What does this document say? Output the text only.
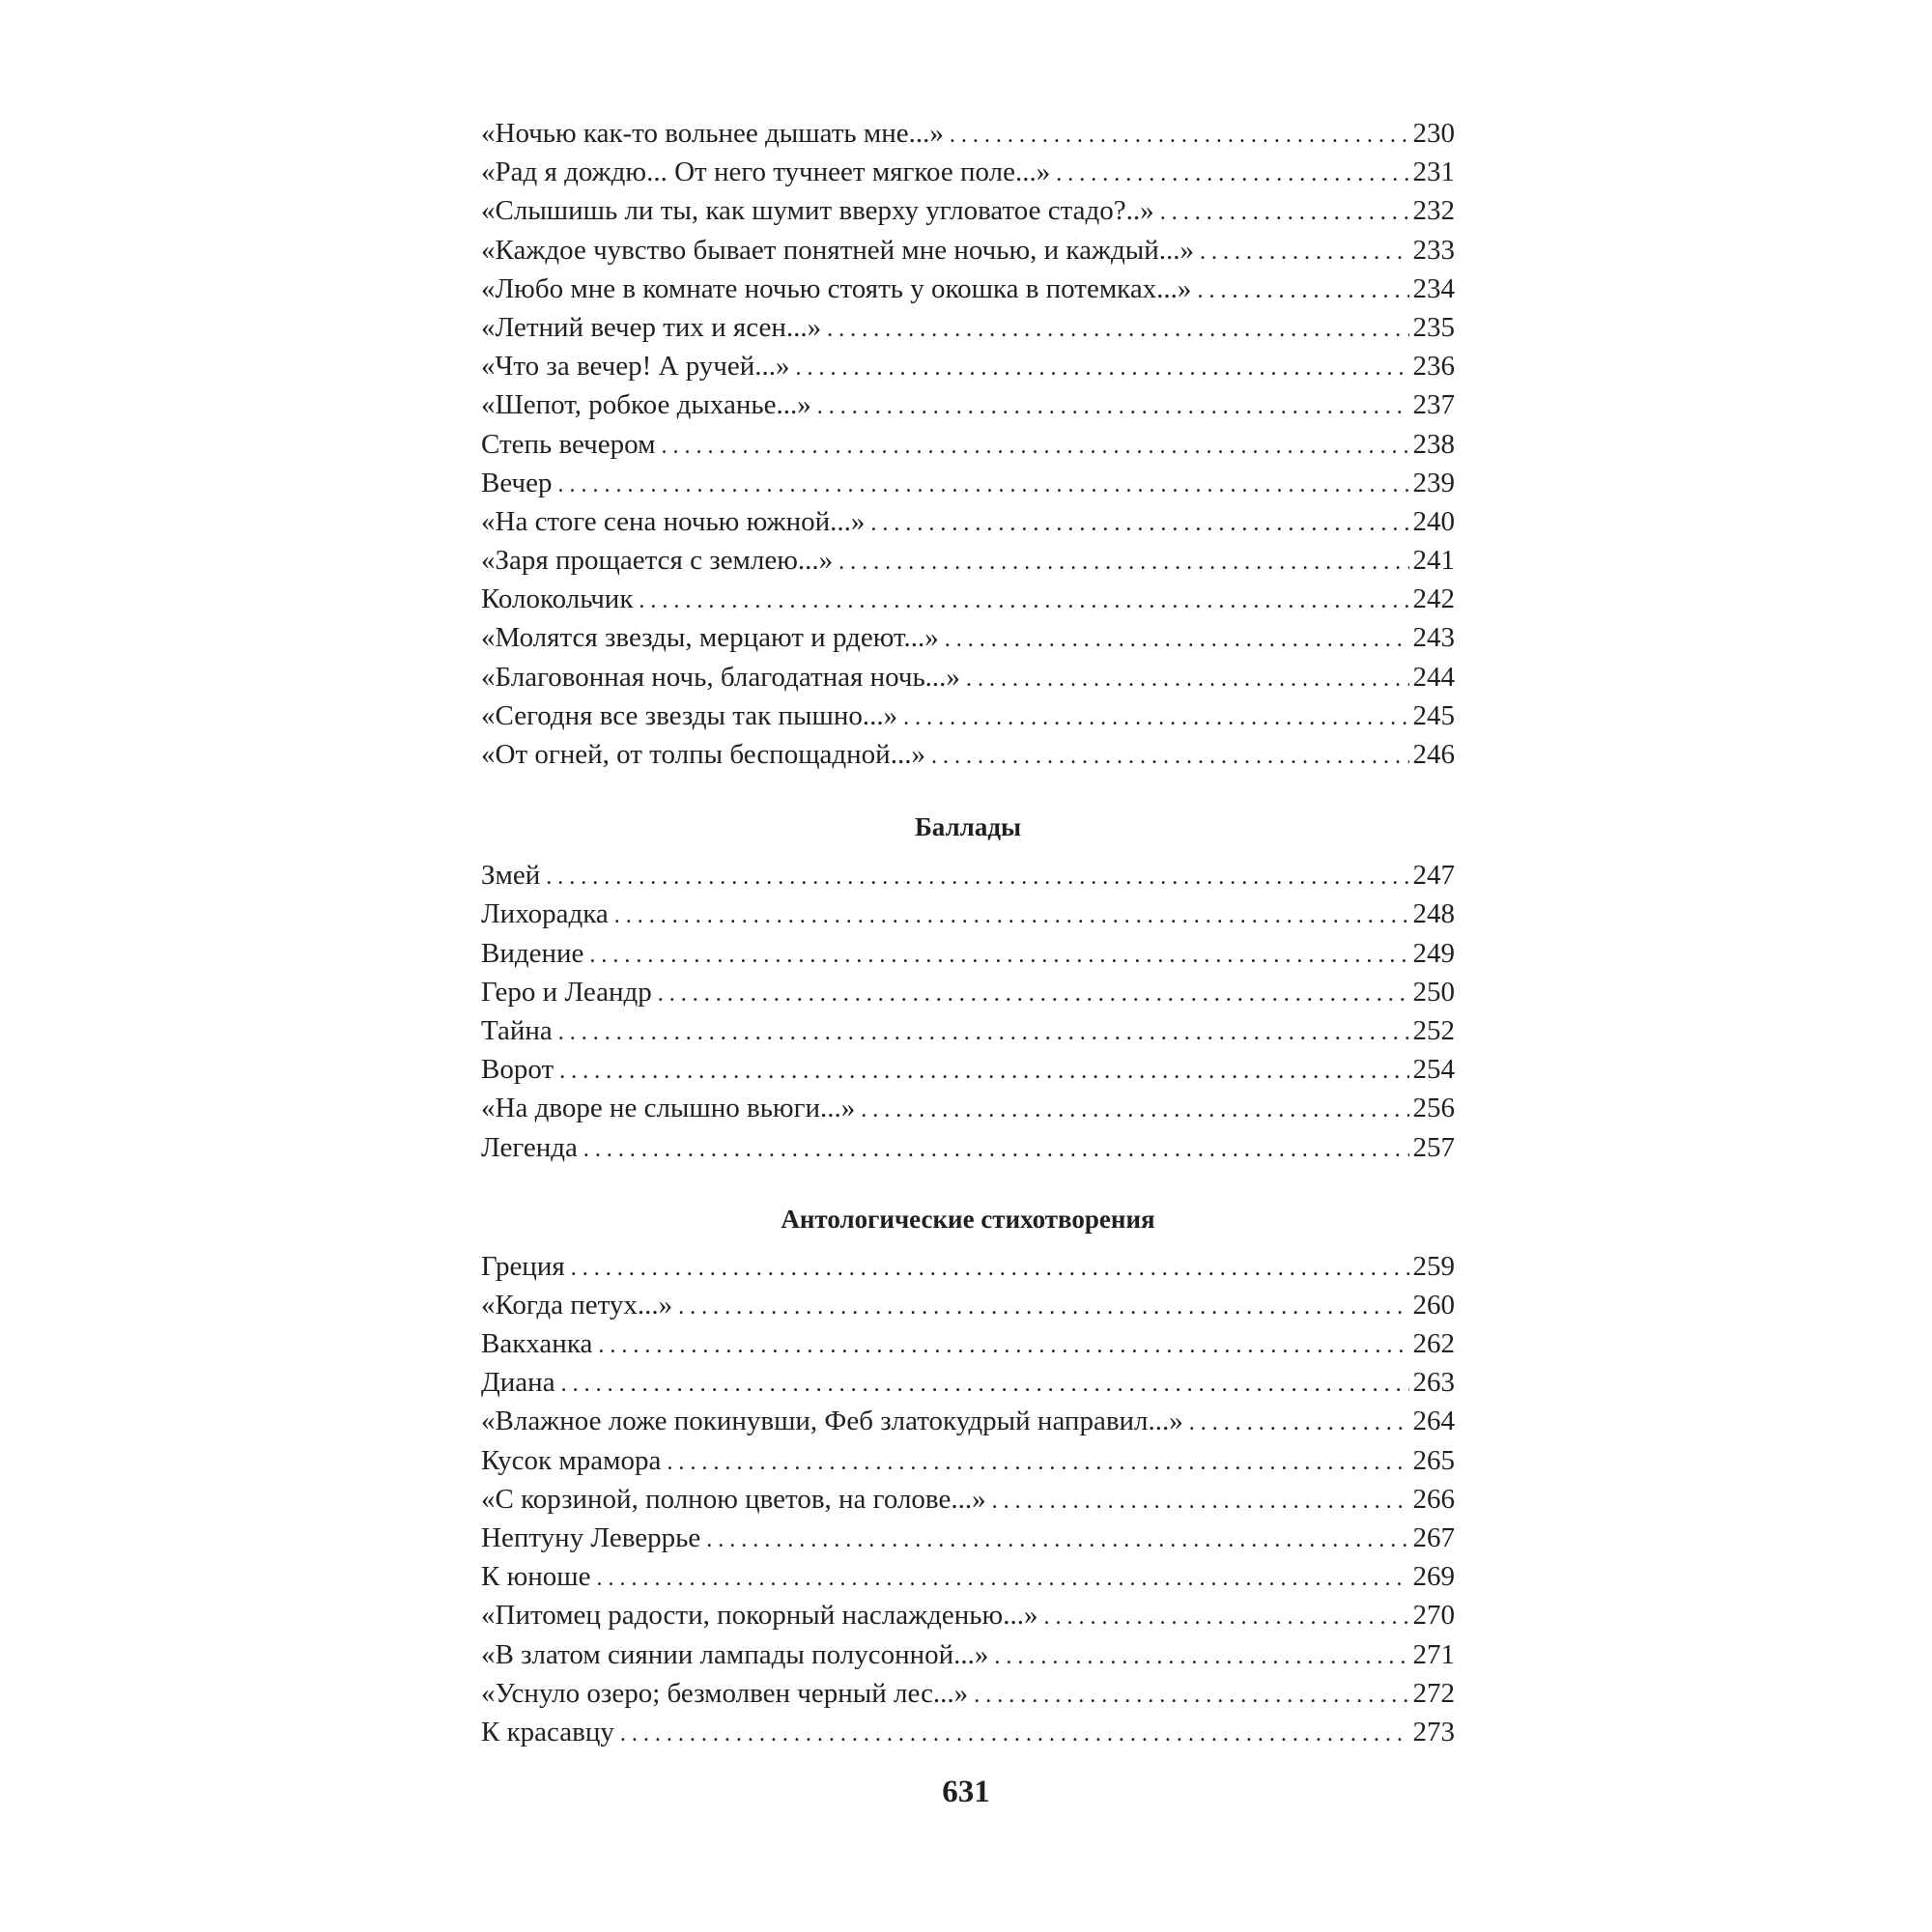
«Ночью как-то вольнее дышать мне...» . . .	230
«Рад я дождю... От него тучнеет мягкое поле...» . . .	231
«Слышишь ли ты, как шумит вверху угловатое стадо?..» . . .	232
«Каждое чувство бывает понятней мне ночью, и каждый...» . . .	233
«Любо мне в комнате ночью стоять у окошка в потемках...» . . .	234
«Летний вечер тих и ясен...» . . .	235
«Что за вечер! А ручей...» . . .	236
«Шепот, робкое дыханье...» . . .	237
Степь вечером . . .	238
Вечер . . .	239
«На стоге сена ночью южной...» . . .	240
«Заря прощается с землею...» . . .	241
Колокольчик . . .	242
«Молятся звезды, мерцают и рдеют...» . . .	243
«Благовонная ночь, благодатная ночь...» . . .	244
«Сегодня все звезды так пышно...» . . .	245
«От огней, от толпы беспощадной...» . . .	246
Баллады
Змей . . .	247
Лихорадка . . .	248
Видение . . .	249
Геро и Леандр . . .	250
Тайна . . .	252
Ворот . . .	254
«На дворе не слышно вьюги...» . . .	256
Легенда . . .	257
Антологические стихотворения
Греция . . .	259
«Когда петух...» . . .	260
Вакханка . . .	262
Диана . . .	263
«Влажное ложе покинувши, Феб златокудрый направил...» . . .	264
Кусок мрамора . . .	265
«С корзиной, полною цветов, на голове...» . . .	266
Нептуну Леверрье . . .	267
К юноше . . .	269
«Питомец радости, покорный наслажденью...» . . .	270
«В златом сиянии лампады полусонной...» . . .	271
«Уснуло озеро; безмолвен черный лес...» . . .	272
К красавцу . . .	273
631
